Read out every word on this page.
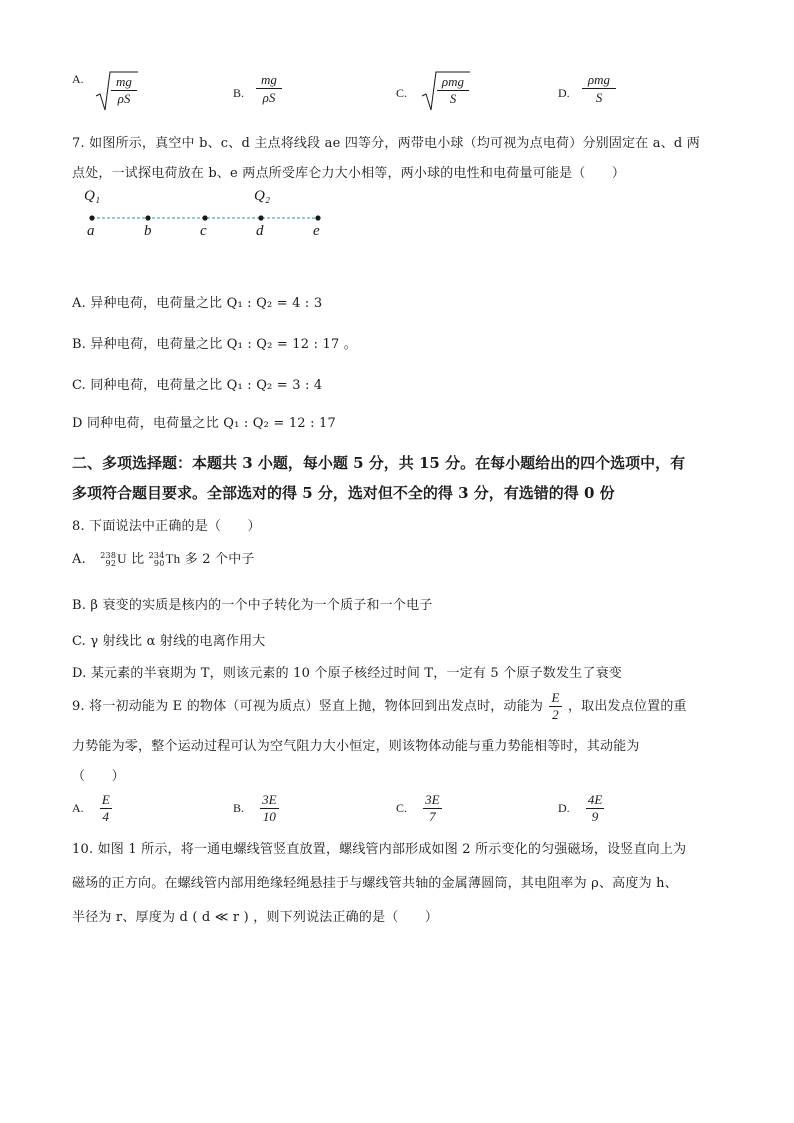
A. $\frac{mg}{\rho S}$	B. $\frac{mg}{\rho S}$	C.
ρmg
S	D.
ρmg
S
7. 如图所示，真空中 b、c、d 主点将线段 ae 四等分，两带电小球（均可视为点电荷）分别固定在 a、d 两
点处，一试探电荷放在 b、e 两点所受库仑力大小相等，两小球的电性和电荷量可能是（　　）
Q₁	Q₂
a	b	c	d	e
A. 异种电荷，电荷量之比 Q₁ : Q₂ = 4 : 3
B. 异种电荷，电荷量之比 Q₁ : Q₂ = 12 : 17 。
C. 同种电荷，电荷量之比 Q₁ : Q₂ = 3 : 4
D 同种电荷，电荷量之比 Q₁ : Q₂ = 12 : 17
二、多项选择题：本题共 3 小题，每小题 5 分，共 15 分。在每小题给出的四个选项中，有
多项符合题目要求。全部选对的得 5 分，选对但不全的得 3 分，有选错的得 0 份
8. 下面说法中正确的是（　　）
A. 238
92 U 比 234
90 Th 多 2 个中子
B. β 衰变的实质是核内的一个中子转化为一个质子和一个电子
C. γ 射线比 α 射线的电离作用大
D. 某元素的半衰期为 T，则该元素的 10 个原子核经过时间 T，一定有 5 个原子数发生了衰变
9. 将一初动能为 E 的物体（可视为质点）竖直上抛，物体回到出发点时，动能为 $\frac{E}{2}$ ，取出发点位置的重
力势能为零，整个运动过程可认为空气阻力大小恒定，则该物体动能与重力势能相等时，其动能为
（　　）
A. $\frac{E}{4}$	B. $\frac{3E}{10}$	C. $\frac{3E}{7}$	D. $\frac{4E}{9}$
10. 如图 1 所示，将一通电螺线管竖直放置，螺线管内部形成如图 2 所示变化的匀强磁场，设竖直向上为
磁场的正方向。在螺线管内部用绝缘轻绳悬挂于与螺线管共轴的金属薄圆筒，其电阻率为 ρ、高度为 h、
半径为 r、厚度为 d ( d ≪ r ) ，则下列说法正确的是（　　）
